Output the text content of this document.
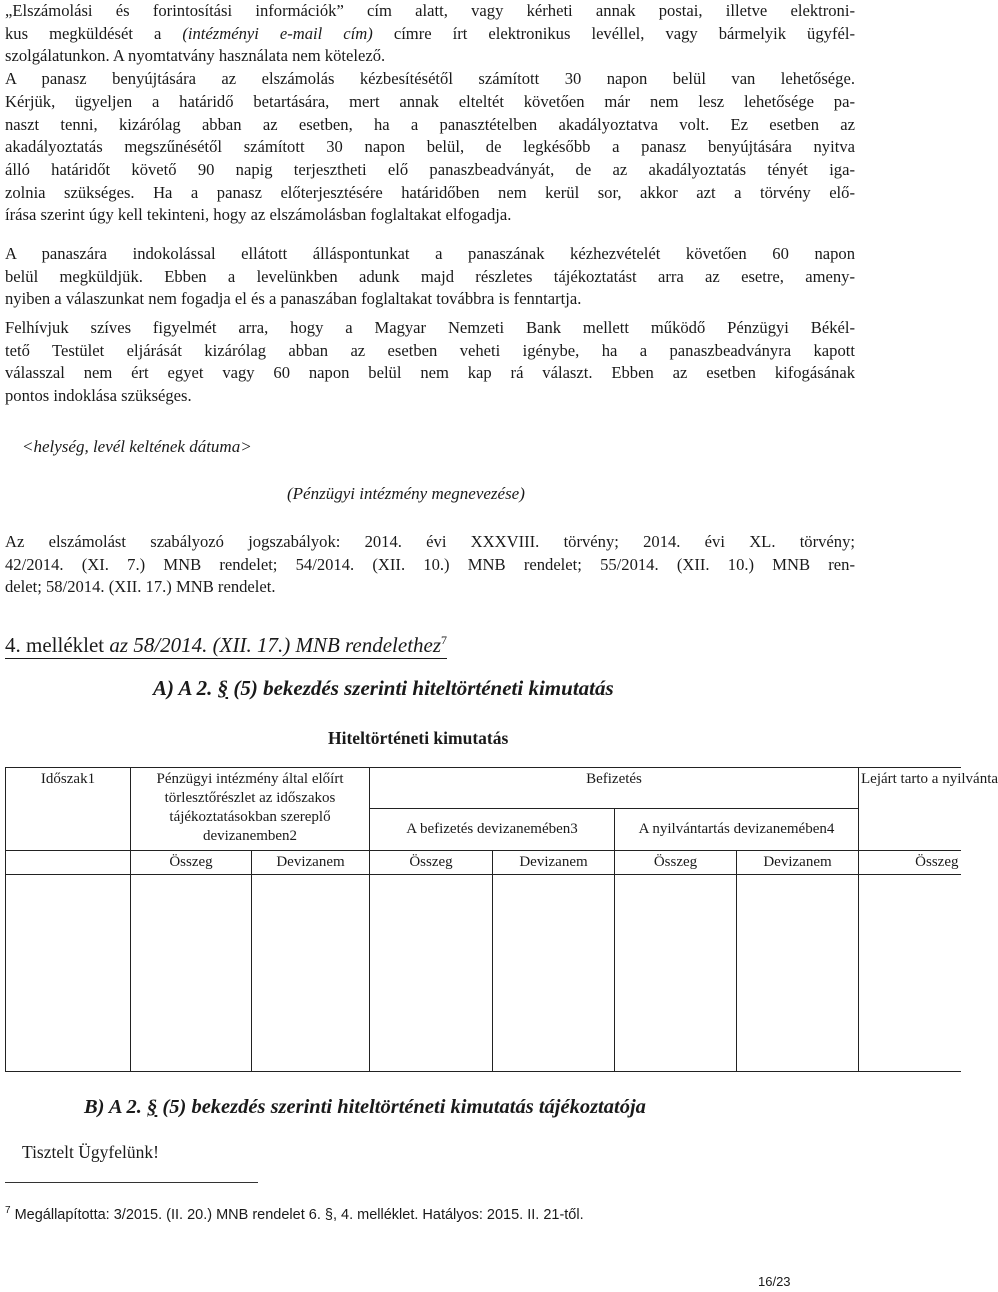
„Elszámolási és forintosítási információk” cím alatt, vagy kérheti annak postai, illetve elektroni-
kus megküldését a (intézményi e-mail cím) címre írt elektronikus levéllel, vagy bármelyik ügyfél-
szolgálatunkon. A nyomtatvány használata nem kötelező.
A panasz benyújtására az elszámolás kézbesítésétől számított 30 napon belül van lehetősége.
Kérjük, ügyeljen a határidő betartására, mert annak elteltét követően már nem lesz lehetősége pa-
naszt tenni, kizárólag abban az esetben, ha a panasztételben akadályoztatva volt. Ez esetben az
akadályoztatás megszűnésétől számított 30 napon belül, de legkésőbb a panasz benyújtására nyitva
álló határidőt követő 90 napig terjesztheti elő panaszbeadványát, de az akadályoztatás tényét iga-
zolnia szükséges. Ha a panasz előterjesztésére határidőben nem kerül sor, akkor azt a törvény elő-
írása szerint úgy kell tekinteni, hogy az elszámolásban foglaltakat elfogadja.
A panaszára indokolással ellátott álláspontunkat a panaszának kézhezvételét követően 60 napon
belül megküldjük. Ebben a levelünkben adunk majd részletes tájékoztatást arra az esetre, ameny-
nyiben a válaszunkat nem fogadja el és a panaszában foglaltakat továbbra is fenntartja.
Felhívjuk szíves figyelmét arra, hogy a Magyar Nemzeti Bank mellett működő Pénzügyi Békél-
tető Testület eljárását kizárólag abban az esetben veheti igénybe, ha a panaszbeadványra kapott
válasszal nem ért egyet vagy 60 napon belül nem kap rá választ. Ebben az esetben kifogásának
pontos indoklása szükséges.
<helység, levél keltének dátuma>
(Pénzügyi intézmény megnevezése)
Az elszámolást szabályozó jogszabályok: 2014. évi XXXVIII. törvény; 2014. évi XL. törvény;
42/2014. (XI. 7.) MNB rendelet; 54/2014. (XII. 10.) MNB rendelet; 55/2014. (XII. 10.) MNB ren-
delet; 58/2014. (XII. 17.) MNB rendelet.
4. melléklet az 58/2014. (XII. 17.) MNB rendelethez$^7$
A) A 2. § (5) bekezdés szerinti hiteltörténeti kimutatás
Hiteltörténeti kimutatás
Időszak1	Pénzügyi intézmény által előírt törlesztőrészlet az időszakos tájékoztatásokban szereplő devizanemben2		Befizetés				Lejárt tarto a nyilvánta
			A befizetés devizanemében3		A nyilvántartás devizanemében4		
	Összeg	Devizanem	Összeg	Devizanem	Összeg	Devizanem	Összeg

B) A 2. § (5) bekezdés szerinti hiteltörténeti kimutatás tájékoztatója
Tisztelt Ügyfelünk!
$^7$ Megállapította: 3/2015. (II. 20.) MNB rendelet 6. §, 4. melléklet. Hatályos: 2015. II. 21-től.
16/23
